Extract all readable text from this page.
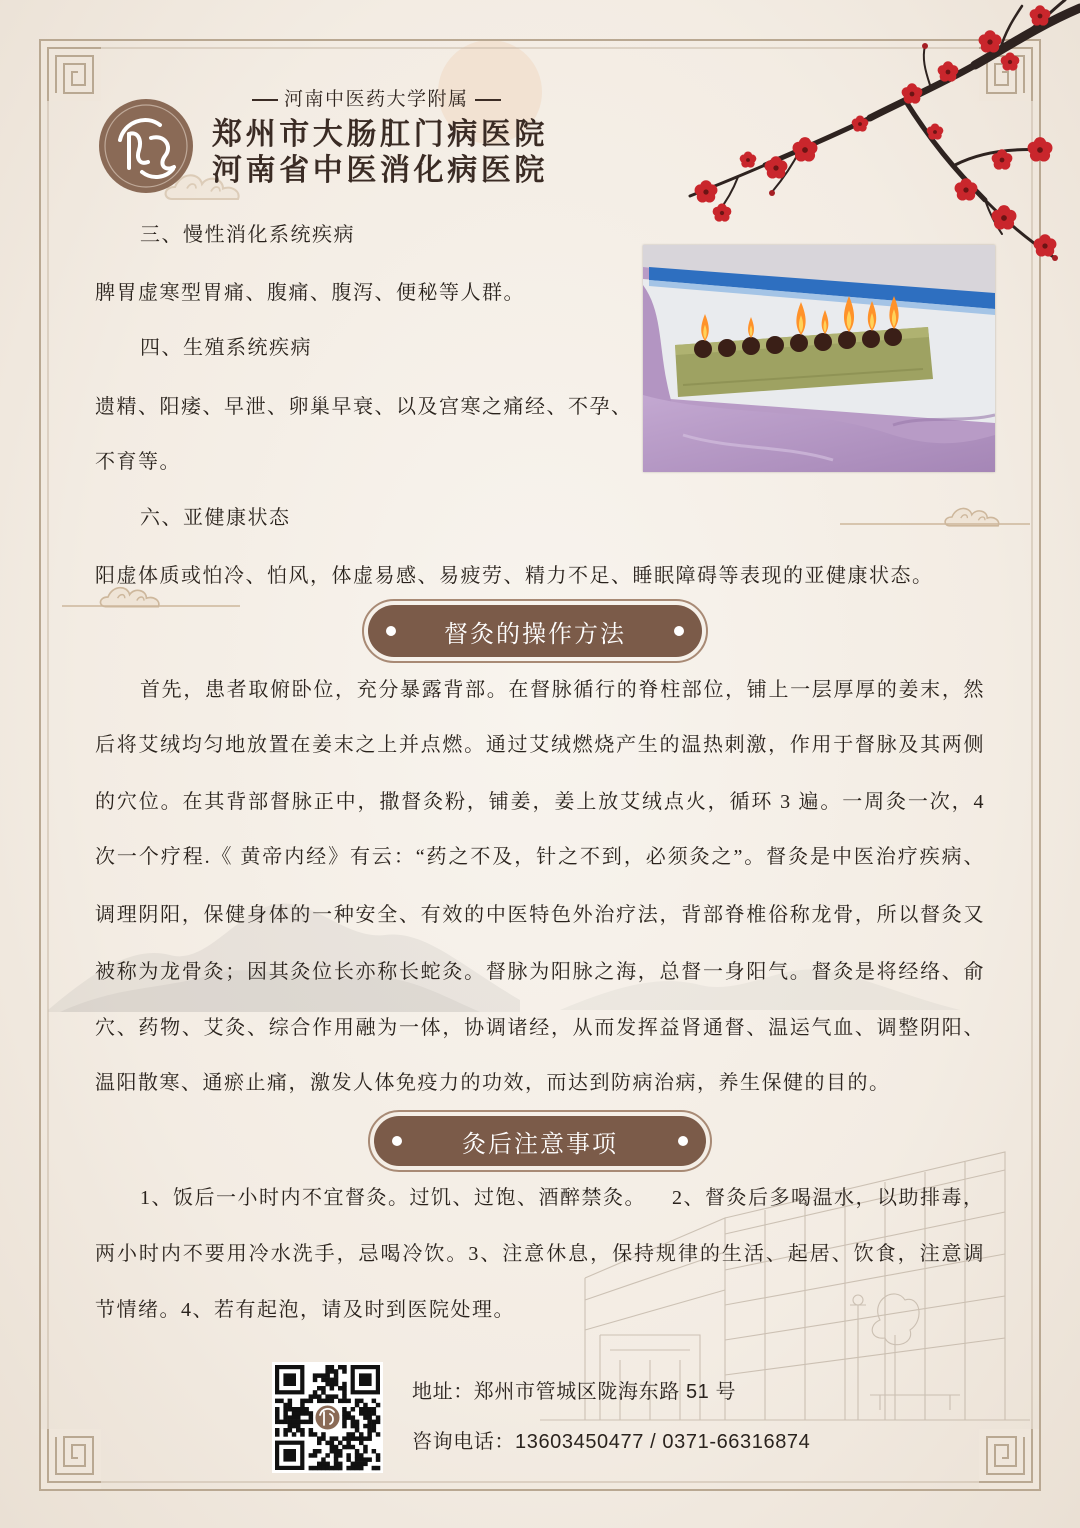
河南中医药大学附属
郑州市大肠肛门病医院
河南省中医消化病医院
三、慢性消化系统疾病
脾胃虚寒型胃痛、腹痛、腹泻、便秘等人群。
四、生殖系统疾病
遗精、阳痿、早泄、卵巢早衰、以及宫寒之痛经、不孕、
不育等。
六、亚健康状态
阳虚体质或怕冷、怕风，体虚易感、易疲劳、精力不足、睡眠障碍等表现的亚健康状态。
督灸的操作方法
首先，患者取俯卧位，充分暴露背部。在督脉循行的脊柱部位，铺上一层厚厚的姜末，然
后将艾绒均匀地放置在姜末之上并点燃。通过艾绒燃烧产生的温热刺激，作用于督脉及其两侧
的穴位。在其背部督脉正中，撒督灸粉，铺姜，姜上放艾绒点火，循环 3 遍。一周灸一次，4
次一个疗程.《 黄帝内经》有云：“药之不及，针之不到，必须灸之”。督灸是中医治疗疾病、
调理阴阳，保健身体的一种安全、有效的中医特色外治疗法，背部脊椎俗称龙骨，所以督灸又
被称为龙骨灸；因其灸位长亦称长蛇灸。督脉为阳脉之海，总督一身阳气。督灸是将经络、俞
穴、药物、艾灸、综合作用融为一体，协调诸经，从而发挥益肾通督、温运气血、调整阴阳、
温阳散寒、通瘀止痛，激发人体免疫力的功效，而达到防病治病，养生保健的目的。
灸后注意事项
1、饭后一小时内不宜督灸。过饥、过饱、酒醉禁灸。    2、督灸后多喝温水，以助排毒，
两小时内不要用冷水洗手，忌喝冷饮。3、注意休息，保持规律的生活、起居、饮食，注意调
节情绪。4、若有起泡，请及时到医院处理。
地址：郑州市管城区陇海东路 51 号
咨询电话：13603450477 / 0371-66316874
